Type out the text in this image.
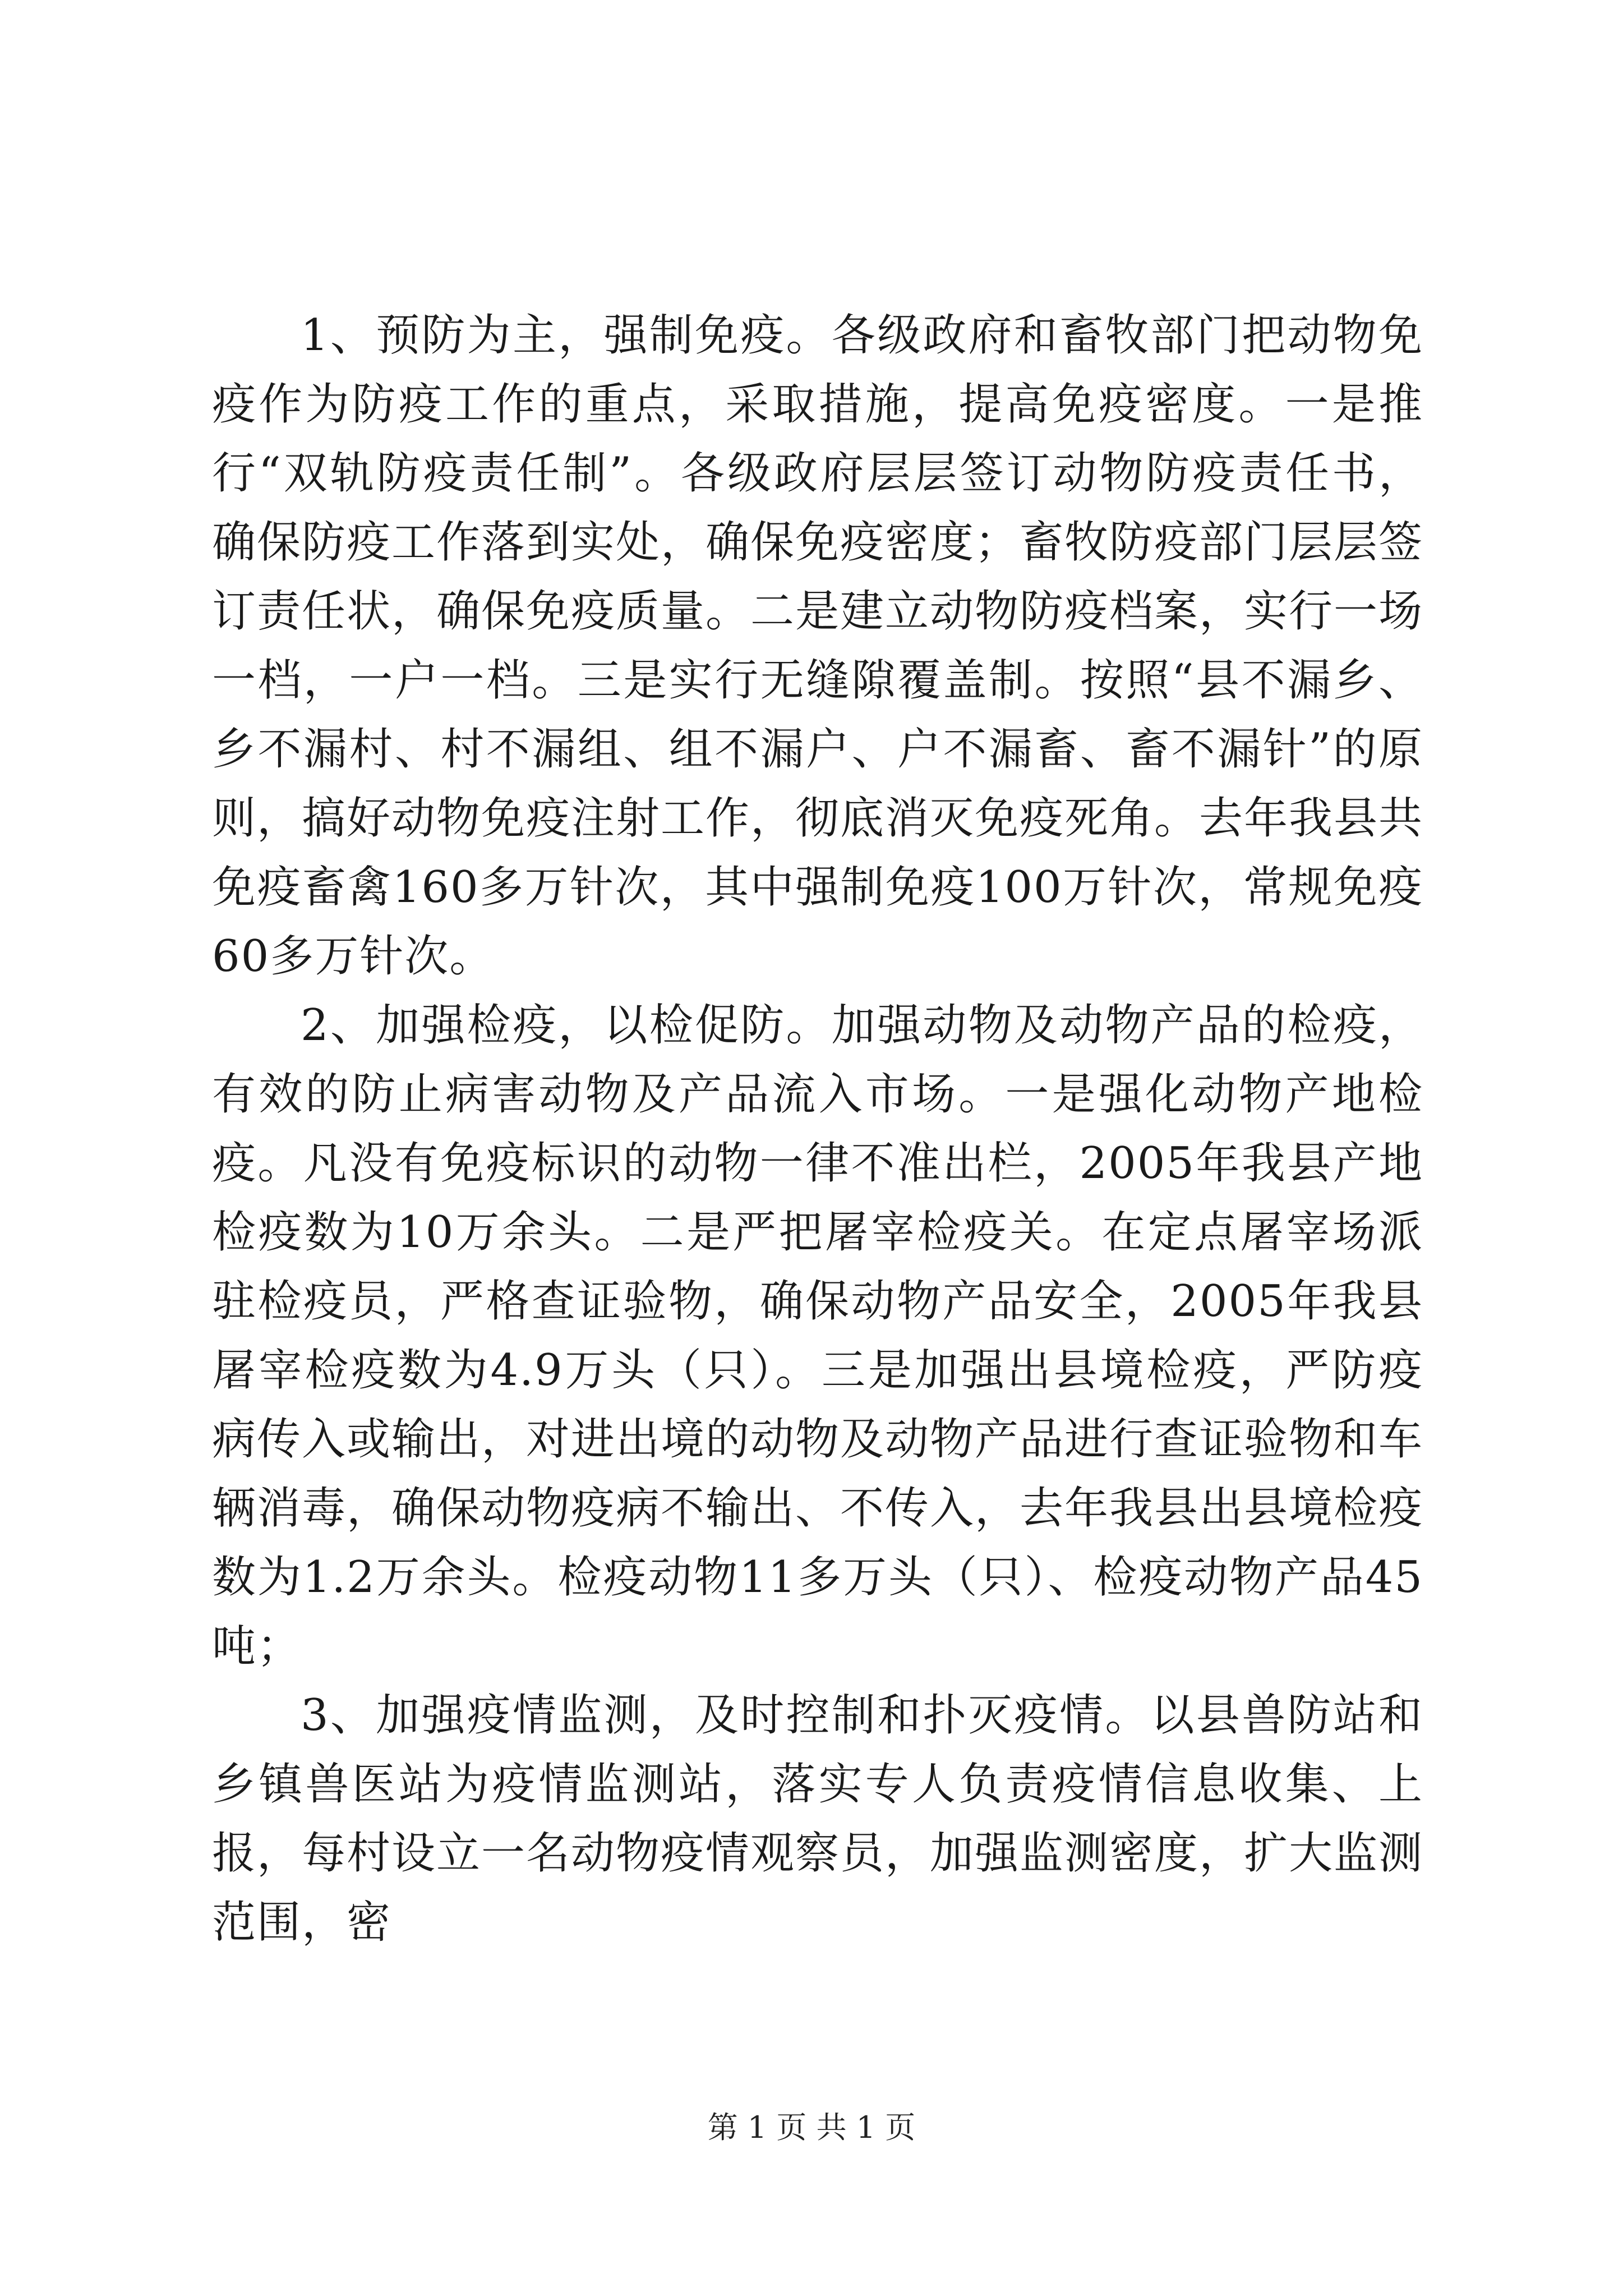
1、预防为主，强制免疫。各级政府和畜牧部门把动物免疫作为防疫工作的重点，采取措施，提高免疫密度。一是推行“双轨防疫责任制”。各级政府层层签订动物防疫责任书，确保防疫工作落到实处，确保免疫密度；畜牧防疫部门层层签订责任状，确保免疫质量。二是建立动物防疫档案，实行一场一档，一户一档。三是实行无缝隙覆盖制。按照“县不漏乡、乡不漏村、村不漏组、组不漏户、户不漏畜、畜不漏针”的原则，搞好动物免疫注射工作，彻底消灭免疫死角。去年我县共免疫畜禽160多万针次，其中强制免疫100万针次，常规免疫60多万针次。

2、加强检疫，以检促防。加强动物及动物产品的检疫，有效的防止病害动物及产品流入市场。一是强化动物产地检疫。凡没有免疫标识的动物一律不准出栏，2005年我县产地检疫数为10万余头。二是严把屠宰检疫关。在定点屠宰场派驻检疫员，严格查证验物，确保动物产品安全，2005年我县屠宰检疫数为4.9万头（只）。三是加强出县境检疫，严防疫病传入或输出，对进出境的动物及动物产品进行查证验物和车辆消毒，确保动物疫病不输出、不传入，去年我县出县境检疫数为1.2万余头。检疫动物11多万头（只）、检疫动物产品45吨；

3、加强疫情监测，及时控制和扑灭疫情。以县兽防站和乡镇兽医站为疫情监测站，落实专人负责疫情信息收集、上报，每村设立一名动物疫情观察员，加强监测密度，扩大监测范围，密

第 1 页 共 1 页
